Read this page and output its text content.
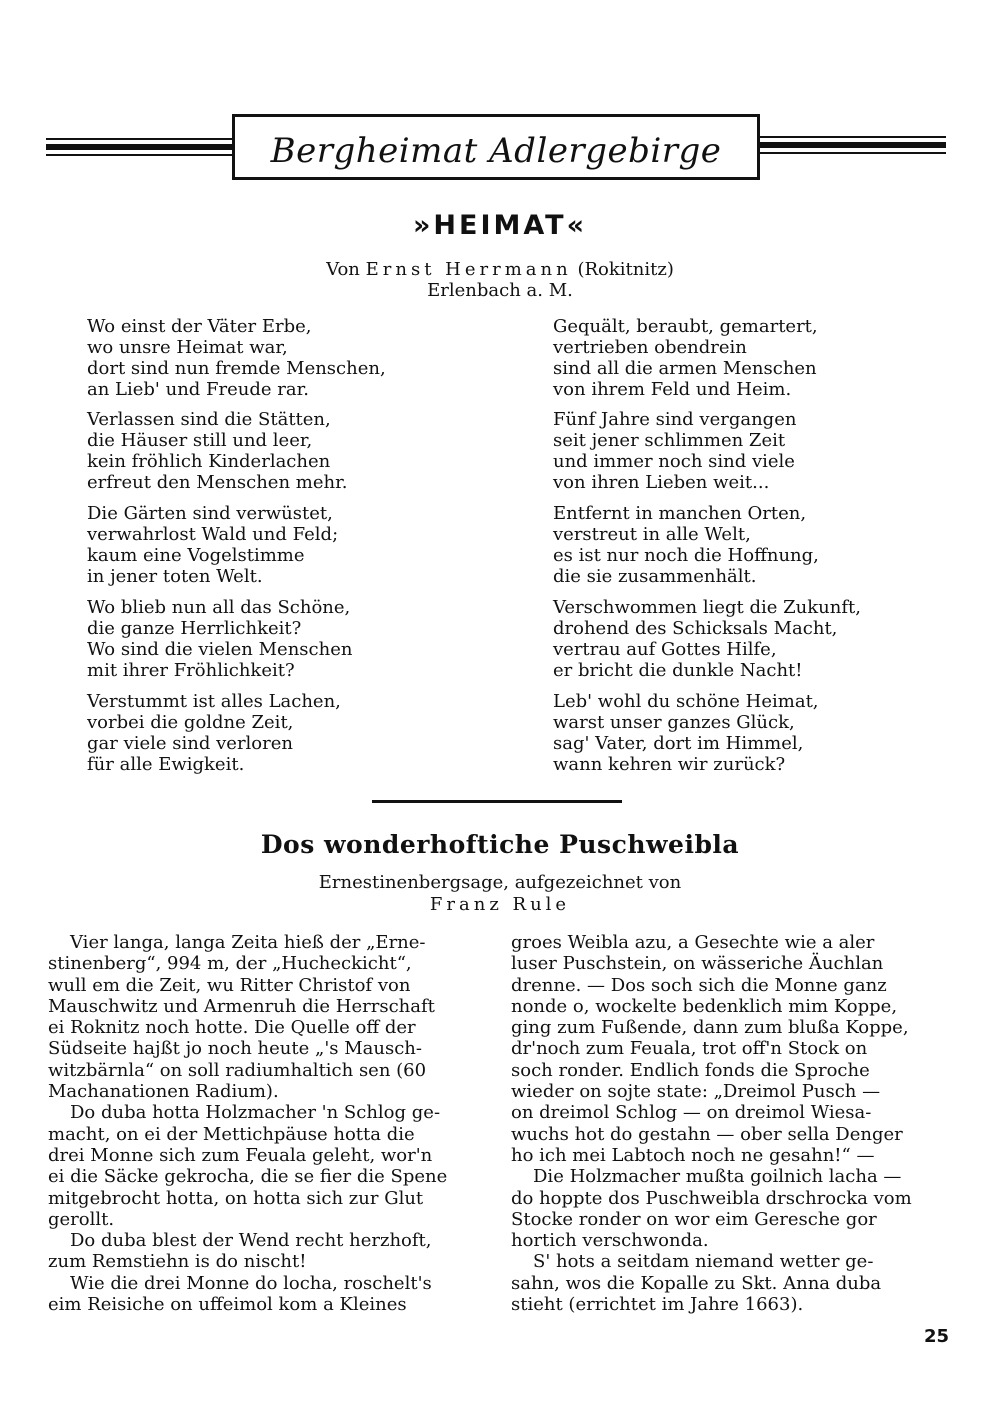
Bergheimat Adlergebirge
»HEIMAT«
Von Ernst Herrmann (Rokitnitz)
Erlenbach a. M.
Wo einst der Väter Erbe,
wo unsre Heimat war,
dort sind nun fremde Menschen,
an Lieb' und Freude rar.
Verlassen sind die Stätten,
die Häuser still und leer,
kein fröhlich Kinderlachen
erfreut den Menschen mehr.
Die Gärten sind verwüstet,
verwahrlost Wald und Feld;
kaum eine Vogelstimme
in jener toten Welt.
Wo blieb nun all das Schöne,
die ganze Herrlichkeit?
Wo sind die vielen Menschen
mit ihrer Fröhlichkeit?
Verstummt ist alles Lachen,
vorbei die goldne Zeit,
gar viele sind verloren
für alle Ewigkeit.
Gequält, beraubt, gemartert,
vertrieben obendrein
sind all die armen Menschen
von ihrem Feld und Heim.
Fünf Jahre sind vergangen
seit jener schlimmen Zeit
und immer noch sind viele
von ihren Lieben weit...
Entfernt in manchen Orten,
verstreut in alle Welt,
es ist nur noch die Hoffnung,
die sie zusammenhält.
Verschwommen liegt die Zukunft,
drohend des Schicksals Macht,
vertrau auf Gottes Hilfe,
er bricht die dunkle Nacht!
Leb' wohl du schöne Heimat,
warst unser ganzes Glück,
sag' Vater, dort im Himmel,
wann kehren wir zurück?
Dos wonderhoftiche Puschweibla
Ernestinenbergsage, aufgezeichnet von
Franz Rule

Vier langa, langa Zeita hieß der „Erne-

stinenberg“, 994 m, der „Hucheckicht“,
wull em die Zeit, wu Ritter Christof von
Mauschwitz und Armenruh die Herrschaft
ei Roknitz noch hotte. Die Quelle off der
Südseite hajßt jo noch heute „'s Mausch-
witzbärnla“ on soll radiumhaltich sen (60
Machanationen Radium).

Do duba hotta Holzmacher 'n Schlog ge-

macht, on ei der Mettichpäuse hotta die
drei Monne sich zum Feuala geleht, wor'n
ei die Säcke gekrocha, die se fier die Spene
mitgebrocht hotta, on hotta sich zur Glut
gerollt.

Do duba blest der Wend recht herzhoft,

zum Remstiehn is do nischt!

Wie die drei Monne do locha, roschelt's

eim Reisiche on uffeimol kom a Kleines

groes Weibla azu, a Gesechte wie a aler
luser Puschstein, on wässeriche Äuchlan
drenne. — Dos soch sich die Monne ganz
nonde o, wockelte bedenklich mim Koppe,
ging zum Fußende, dann zum blußa Koppe,
dr'noch zum Feuala, trot off'n Stock on
soch ronder. Endlich fonds die Sproche
wieder on sojte state: „Dreimol Pusch —
on dreimol Schlog — on dreimol Wiesa-
wuchs hot do gestahn — ober sella Denger
ho ich mei Labtoch noch ne gesahn!“ —

Die Holzmacher mußta goilnich lacha —

do hoppte dos Puschweibla drschrocka vom
Stocke ronder on wor eim Geresche gor
hortich verschwonda.

S' hots a seitdam niemand wetter ge-

sahn, wos die Kopalle zu Skt. Anna duba
stieht (errichtet im Jahre 1663).

25
